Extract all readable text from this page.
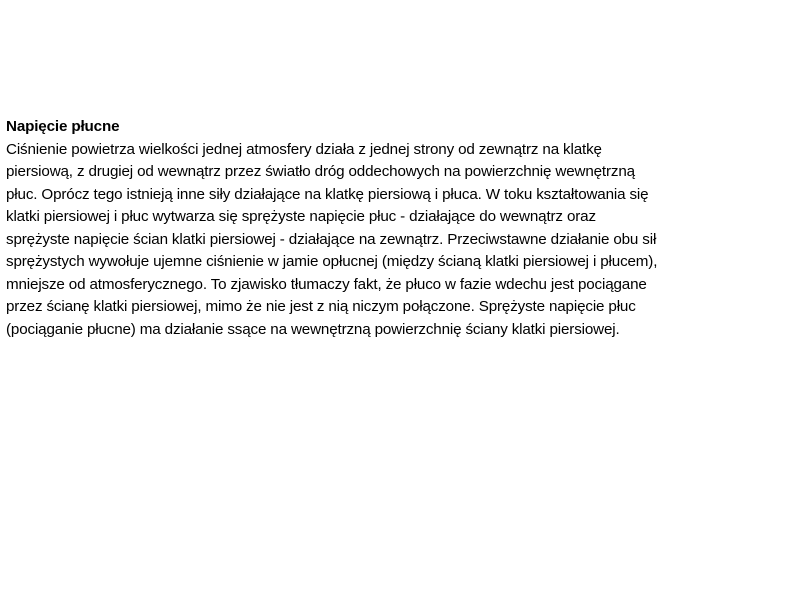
Napięcie płucne
Ciśnienie powietrza wielkości jednej atmosfery działa z jednej strony od zewnątrz na klatkę
piersiową, z drugiej od wewnątrz przez światło dróg oddechowych na powierzchnię wewnętrzną
płuc. Oprócz tego istnieją inne siły działające na klatkę piersiową i płuca. W toku kształtowania się
klatki piersiowej i płuc wytwarza się sprężyste napięcie płuc - działające do wewnątrz oraz
sprężyste napięcie ścian klatki piersiowej - działające na zewnątrz. Przeciwstawne działanie obu sił
sprężystych wywołuje ujemne ciśnienie w jamie opłucnej (między ścianą klatki piersiowej i płucem),
mniejsze od atmosferycznego. To zjawisko tłumaczy fakt, że płuco w fazie wdechu jest pociągane
przez ścianę klatki piersiowej, mimo że nie jest z nią niczym połączone. Sprężyste napięcie płuc
(pociąganie płucne) ma działanie ssące na wewnętrzną powierzchnię ściany klatki piersiowej.
